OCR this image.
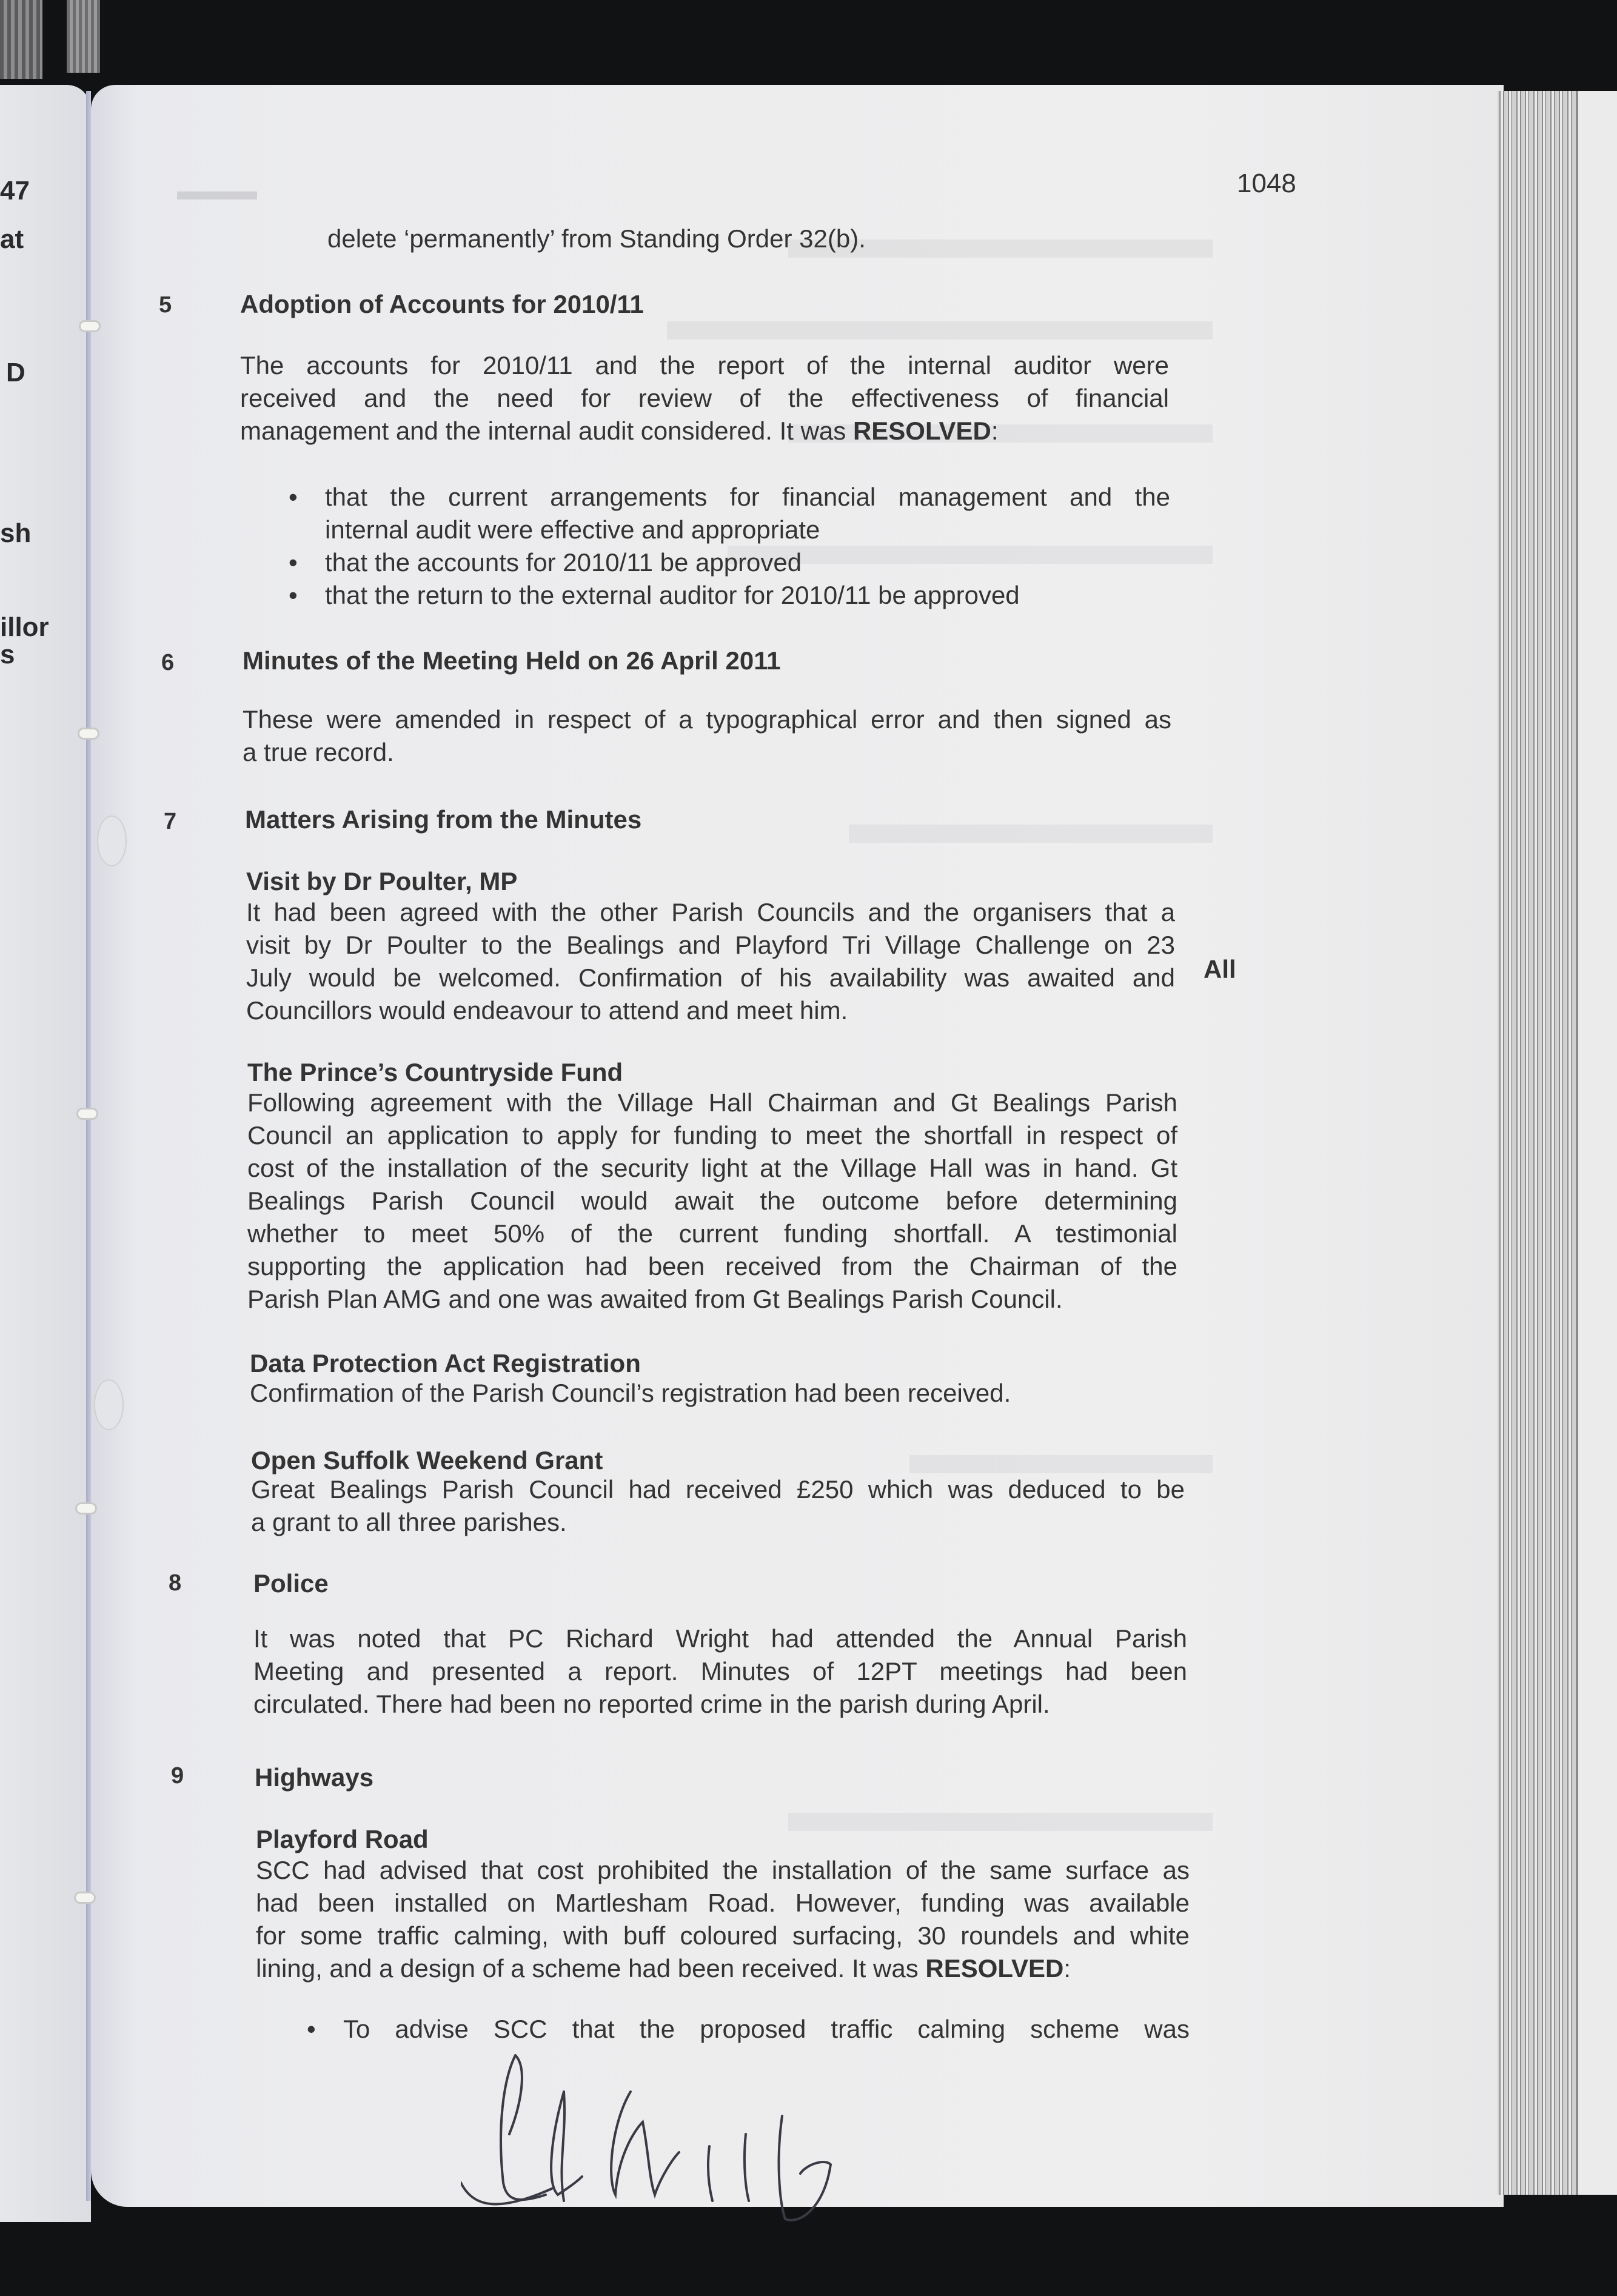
47
at
D
sh
illor
s
▬▬▬	1048
delete ‘permanently’ from Standing Order 32(b).
5	Adoption of Accounts for 2010/11
The accounts for 2010/11 and the report of the internal auditor were
received and the need for review of the effectiveness of financial
management and the internal audit considered. It was RESOLVED:
• that the current arrangements for financial management and the
internal audit were effective and appropriate
• that the accounts for 2010/11 be approved
• that the return to the external auditor for 2010/11 be approved
6	Minutes of the Meeting Held on 26 April 2011
These were amended in respect of a typographical error and then signed as
a true record.
7	Matters Arising from the Minutes
Visit by Dr Poulter, MP
It had been agreed with the other Parish Councils and the organisers that a
visit by Dr Poulter to the Bealings and Playford Tri Village Challenge on 23
July would be welcomed. Confirmation of his availability was awaited and
Councillors would endeavour to attend and meet him.
All
The Prince’s Countryside Fund
Following agreement with the Village Hall Chairman and Gt Bealings Parish
Council an application to apply for funding to meet the shortfall in respect of
cost of the installation of the security light at the Village Hall was in hand. Gt
Bealings Parish Council would await the outcome before determining
whether to meet 50% of the current funding shortfall. A testimonial
supporting the application had been received from the Chairman of the
Parish Plan AMG and one was awaited from Gt Bealings Parish Council.
Data Protection Act Registration
Confirmation of the Parish Council’s registration had been received.
Open Suffolk Weekend Grant
Great Bealings Parish Council had received £250 which was deduced to be
a grant to all three parishes.
8	Police
It was noted that PC Richard Wright had attended the Annual Parish
Meeting and presented a report. Minutes of 12PT meetings had been
circulated. There had been no reported crime in the parish during April.
9	Highways
Playford Road
SCC had advised that cost prohibited the installation of the same surface as
had been installed on Martlesham Road. However, funding was available
for some traffic calming, with buff coloured surfacing, 30 roundels and white
lining, and a design of a scheme had been received. It was RESOLVED:
• To advise SCC that the proposed traffic calming scheme was
